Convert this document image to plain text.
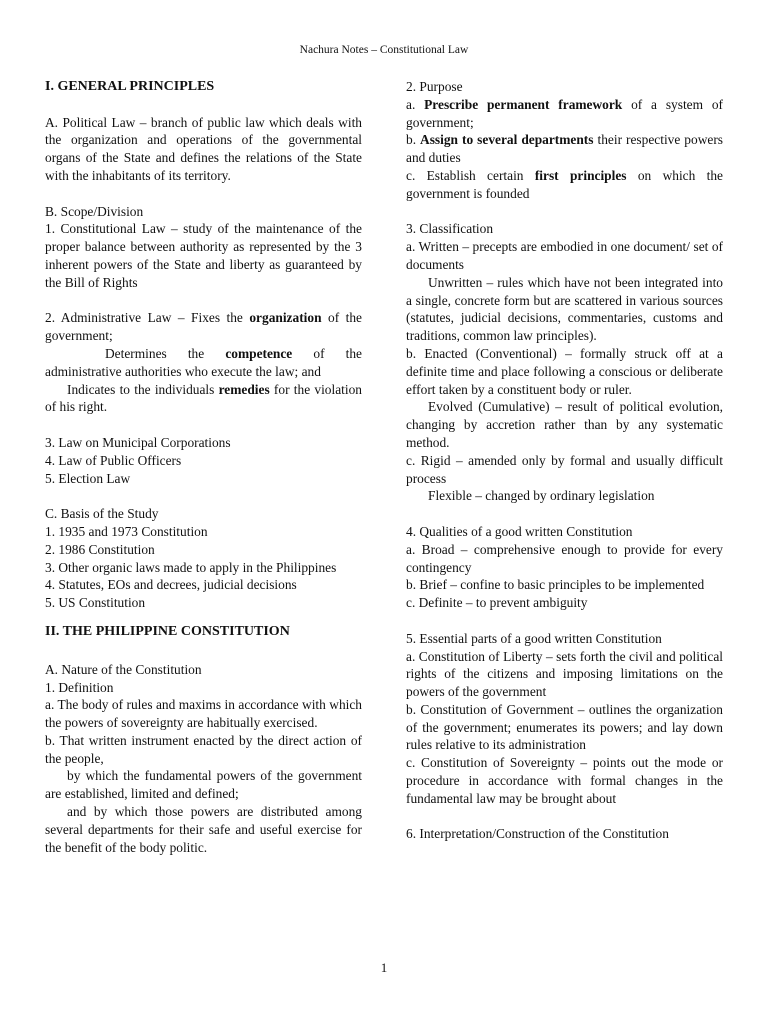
Nachura Notes – Constitutional Law

I. GENERAL PRINCIPLES

A. Political Law – branch of public law which deals with the organization and operations of the governmental organs of the State and defines the relations of the State with the inhabitants of its territory.

B. Scope/Division

1. Constitutional Law – study of the maintenance of the proper balance between authority as represented by the 3 inherent powers of the State and liberty as guaranteed by the Bill of Rights

2. Administrative Law – Fixes the organization of the government;

Determines the competence of the administrative authorities who execute the law; and

Indicates to the individuals remedies for the violation of his right.

3. Law on Municipal Corporations

4. Law of Public Officers

5. Election Law

C. Basis of the Study

1. 1935 and 1973 Constitution

2. 1986 Constitution

3. Other organic laws made to apply in the Philippines

4. Statutes, EOs and decrees, judicial decisions

5. US Constitution

II. THE PHILIPPINE CONSTITUTION

A. Nature of the Constitution

1. Definition

a. The body of rules and maxims in accordance with which the powers of sovereignty are habitually exercised.

b. That written instrument enacted by the direct action of the people,

by which the fundamental powers of the government are established, limited and defined;

and by which those powers are distributed among several departments for their safe and useful exercise for the benefit of the body politic.

2. Purpose

a. Prescribe permanent framework of a system of government;

b. Assign to several departments their respective powers and duties

c. Establish certain first principles on which the government is founded

3. Classification

a. Written – precepts are embodied in one document/ set of documents

Unwritten – rules which have not been integrated into a single, concrete form but are scattered in various sources (statutes, judicial decisions, commentaries, customs and traditions, common law principles).

b. Enacted (Conventional) – formally struck off at a definite time and place following a conscious or deliberate effort taken by a constituent body or ruler.

Evolved (Cumulative) – result of political evolution, changing by accretion rather than by any systematic method.

c. Rigid – amended only by formal and usually difficult process

Flexible – changed by ordinary legislation

4. Qualities of a good written Constitution

a. Broad – comprehensive enough to provide for every contingency

b. Brief – confine to basic principles to be implemented

c. Definite – to prevent ambiguity

5. Essential parts of a good written Constitution

a. Constitution of Liberty – sets forth the civil and political rights of the citizens and imposing limitations on the powers of the government

b. Constitution of Government – outlines the organization of the government; enumerates its powers; and lay down rules relative to its administration

c. Constitution of Sovereignty – points out the mode or procedure in accordance with formal changes in the fundamental law may be brought about

6. Interpretation/Construction of the Constitution

1
